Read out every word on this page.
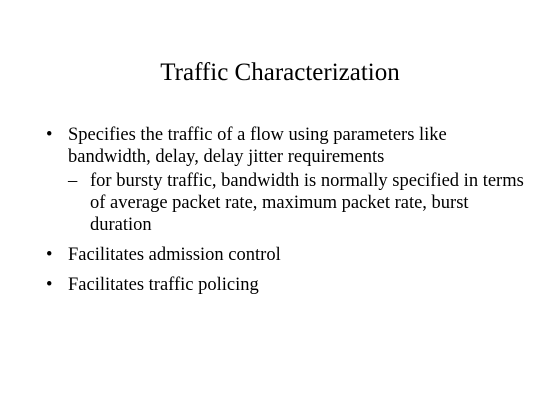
Traffic Characterization
• Specifies the traffic of a flow using parameters like bandwidth, delay, delay jitter requirements
– for bursty traffic, bandwidth is normally specified in terms of average packet rate, maximum packet rate, burst duration
• Facilitates admission control
• Facilitates traffic policing
